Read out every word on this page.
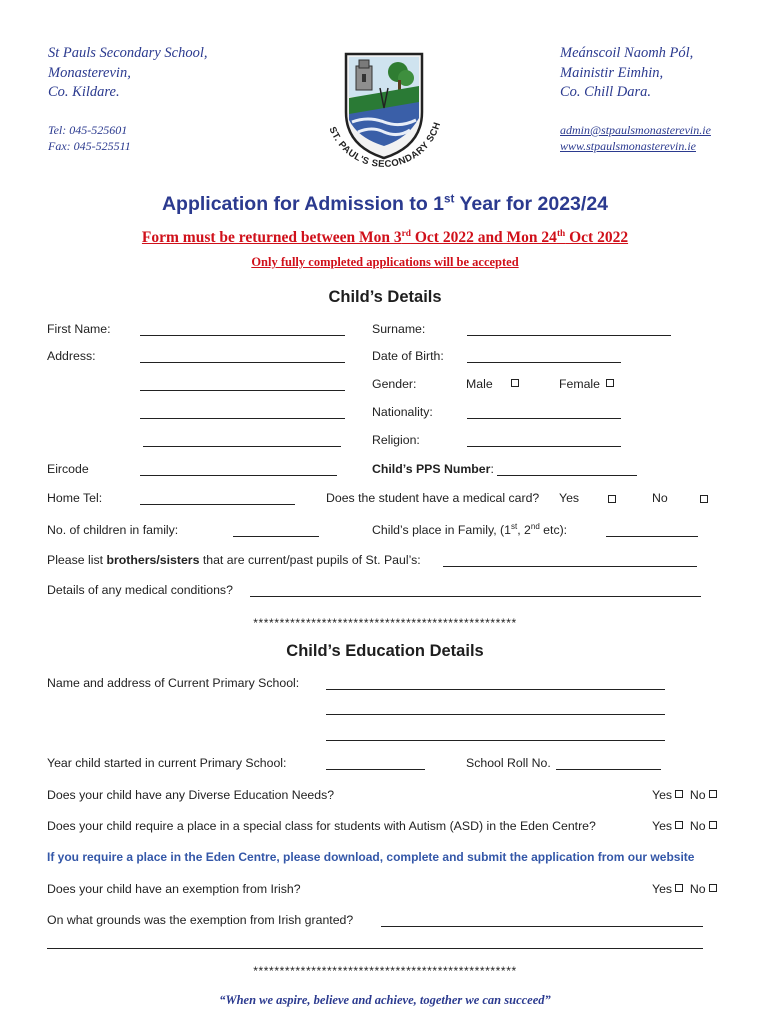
St Pauls Secondary School,
Monasterevin,
Co. Kildare.
Tel: 045-525601
Fax: 045-525511
ST. PAUL'S SECONDARY SCH
Meánscoil Naomh Pól,
Mainistir Eimhin,
Co. Chill Dara.
admin@stpaulsmonasterevin.ie
www.stpaulsmonasterevin.ie
Application for Admission to 1st Year for 2023/24
Form must be returned between Mon 3rd Oct 2022 and Mon 24th Oct 2022
Only fully completed applications will be accepted
Child’s Details
First Name:	Surname:
Address:	Date of Birth:
Gender:	Male	Female
Nationality:
Religion:
Eircode	Child’s PPS Number:
Home Tel:	Does the student have a medical card? Yes	No
No. of children in family:	Child’s place in Family, (1st, 2nd etc):
Please list brothers/sisters that are current/past pupils of St. Paul’s:
Details of any medical conditions?
**************************************************
Child’s Education Details
Name and address of Current Primary School:
Year child started in current Primary School:	School Roll No.
Does your child have any Diverse Education Needs?	Yes No
Does your child require a place in a special class for students with Autism (ASD) in the Eden Centre?	Yes No
If you require a place in the Eden Centre, please download, complete and submit the application from our website
Does your child have an exemption from Irish?	Yes No
On what grounds was the exemption from Irish granted?
**************************************************
“When we aspire, believe and achieve, together we can succeed”
